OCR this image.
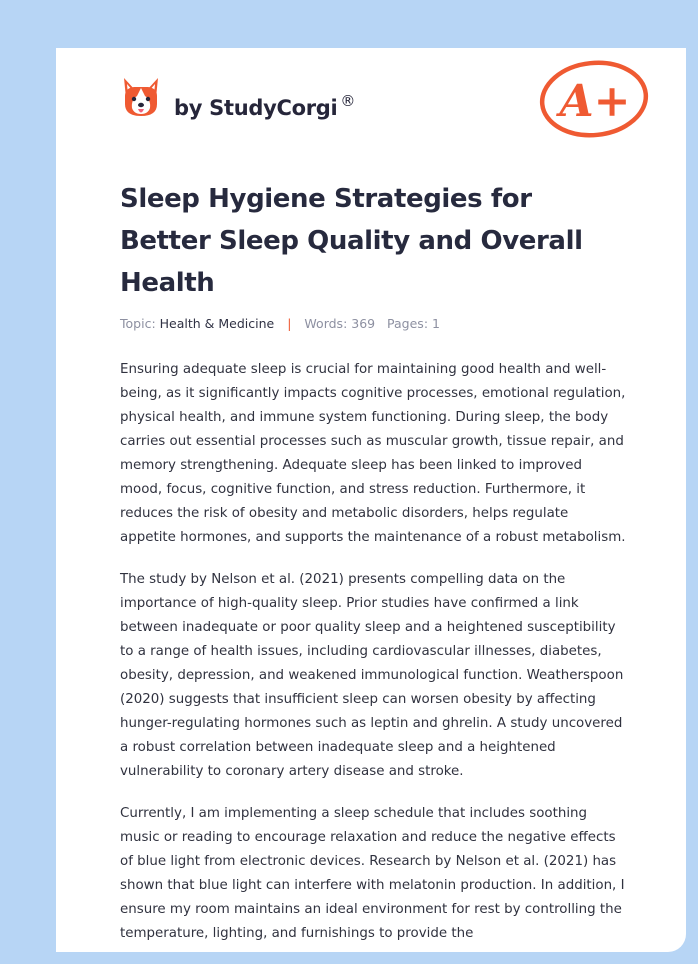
by StudyCorgi ®	A+
Sleep Hygiene Strategies for Better Sleep Quality and Overall Health
Topic: Health & Medicine | Words: 369 Pages: 1

Ensuring adequate sleep is crucial for maintaining good health and well-being, as it significantly impacts cognitive processes, emotional regulation, physical health, and immune system functioning. During sleep, the body carries out essential processes such as muscular growth, tissue repair, and memory strengthening. Adequate sleep has been linked to improved mood, focus, cognitive function, and stress reduction. Furthermore, it reduces the risk of obesity and metabolic disorders, helps regulate appetite hormones, and supports the maintenance of a robust metabolism.

The study by Nelson et al. (2021) presents compelling data on the importance of high-quality sleep. Prior studies have confirmed a link between inadequate or poor quality sleep and a heightened susceptibility to a range of health issues, including cardiovascular illnesses, diabetes, obesity, depression, and weakened immunological function. Weatherspoon (2020) suggests that insufficient sleep can worsen obesity by affecting hunger-regulating hormones such as leptin and ghrelin. A study uncovered a robust correlation between inadequate sleep and a heightened vulnerability to coronary artery disease and stroke.

Currently, I am implementing a sleep schedule that includes soothing music or reading to encourage relaxation and reduce the negative effects of blue light from electronic devices. Research by Nelson et al. (2021) has shown that blue light can interfere with melatonin production. In addition, I ensure my room maintains an ideal environment for rest by controlling the temperature, lighting, and furnishings to provide the
